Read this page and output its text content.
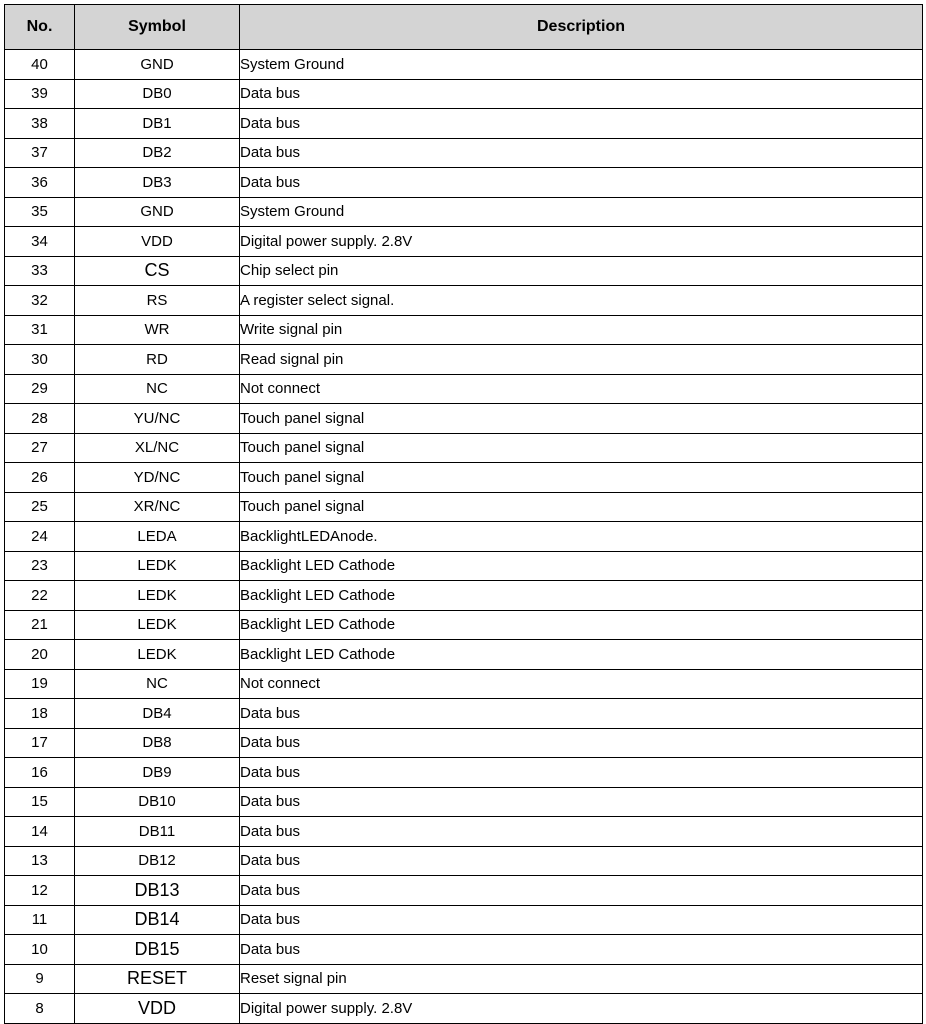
No.	Symbol	Description
40	GND	System Ground
39	DB0	Data bus
38	DB1	Data bus
37	DB2	Data bus
36	DB3	Data bus
35	GND	System Ground
34	VDD	Digital power supply. 2.8V
33	CS	Chip select pin
32	RS	A register select signal.
31	WR	Write signal pin
30	RD	Read signal pin
29	NC	Not connect
28	YU/NC	Touch panel signal
27	XL/NC	Touch panel signal
26	YD/NC	Touch panel signal
25	XR/NC	Touch panel signal
24	LEDA	BacklightLEDAnode.
23	LEDK	Backlight LED Cathode
22	LEDK	Backlight LED Cathode
21	LEDK	Backlight LED Cathode
20	LEDK	Backlight LED Cathode
19	NC	Not connect
18	DB4	Data bus
17	DB8	Data bus
16	DB9	Data bus
15	DB10	Data bus
14	DB11	Data bus
13	DB12	Data bus
12	DB13	Data bus
11	DB14	Data bus
10	DB15	Data bus
9	RESET	Reset signal pin
8	VDD	Digital power supply. 2.8V
